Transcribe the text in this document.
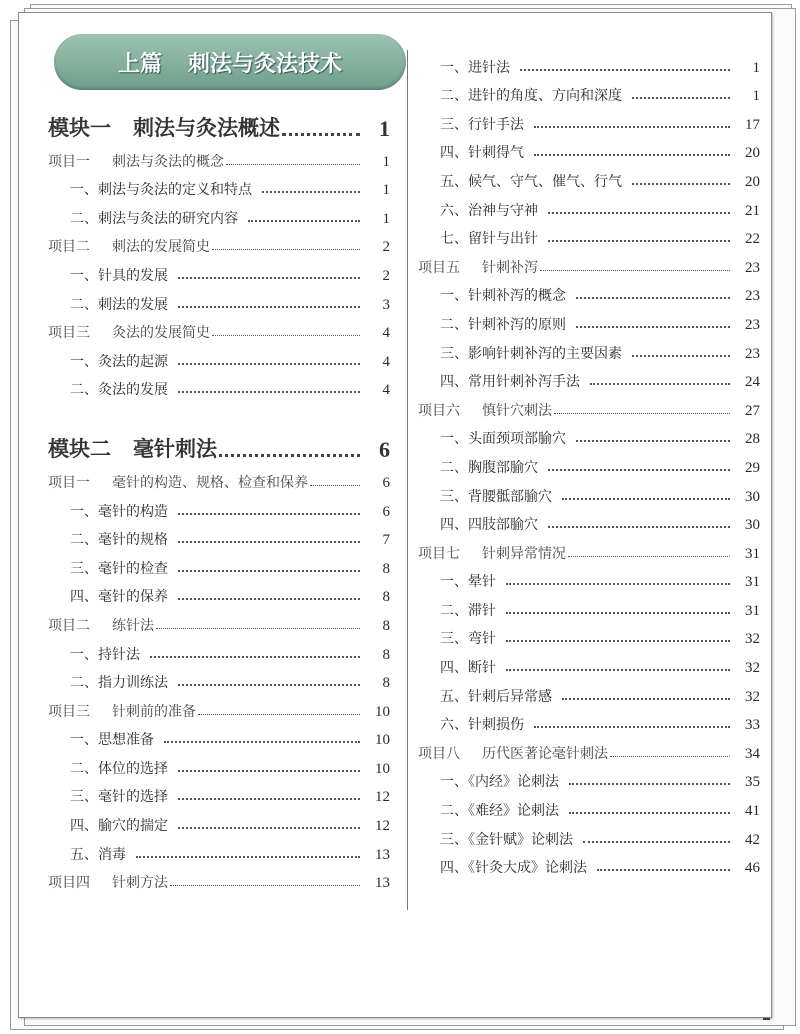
上篇 刺法与灸法技术
模块一 刺法与灸法概述	1
项目一 刺法与灸法的概念	1
一、刺法与灸法的定义和特点	1
二、刺法与灸法的研究内容	1
项目二 刺法的发展简史	2
一、针具的发展	2
二、刺法的发展	3
项目三 灸法的发展简史	4
一、灸法的起源	4
二、灸法的发展	4
模块二 毫针刺法	6
项目一 毫针的构造、规格、检查和保养	6
一、毫针的构造	6
二、毫针的规格	7
三、毫针的检查	8
四、毫针的保养	8
项目二 练针法	8
一、持针法	8
二、指力训练法	8
项目三 针刺前的准备	10
一、思想准备	10
二、体位的选择	10
三、毫针的选择	12
四、腧穴的揣定	12
五、消毒	13
项目四 针刺方法	13
一、进针法	1
二、进针的角度、方向和深度	1
三、行针手法	17
四、针刺得气	20
五、候气、守气、催气、行气	20
六、治神与守神	21
七、留针与出针	22
项目五 针刺补泻	23
一、针刺补泻的概念	23
二、针刺补泻的原则	23
三、影响针刺补泻的主要因素	23
四、常用针刺补泻手法	24
项目六 慎针穴刺法	27
一、头面颈项部腧穴	28
二、胸腹部腧穴	29
三、背腰骶部腧穴	30
四、四肢部腧穴	30
项目七 针刺异常情况	31
一、晕针	31
二、滞针	31
三、弯针	32
四、断针	32
五、针刺后异常感	32
六、针刺损伤	33
项目八 历代医著论毫针刺法	34
一、《内经》论刺法	35
二、《难经》论刺法	41
三、《金针赋》论刺法	42
四、《针灸大成》论刺法	46
